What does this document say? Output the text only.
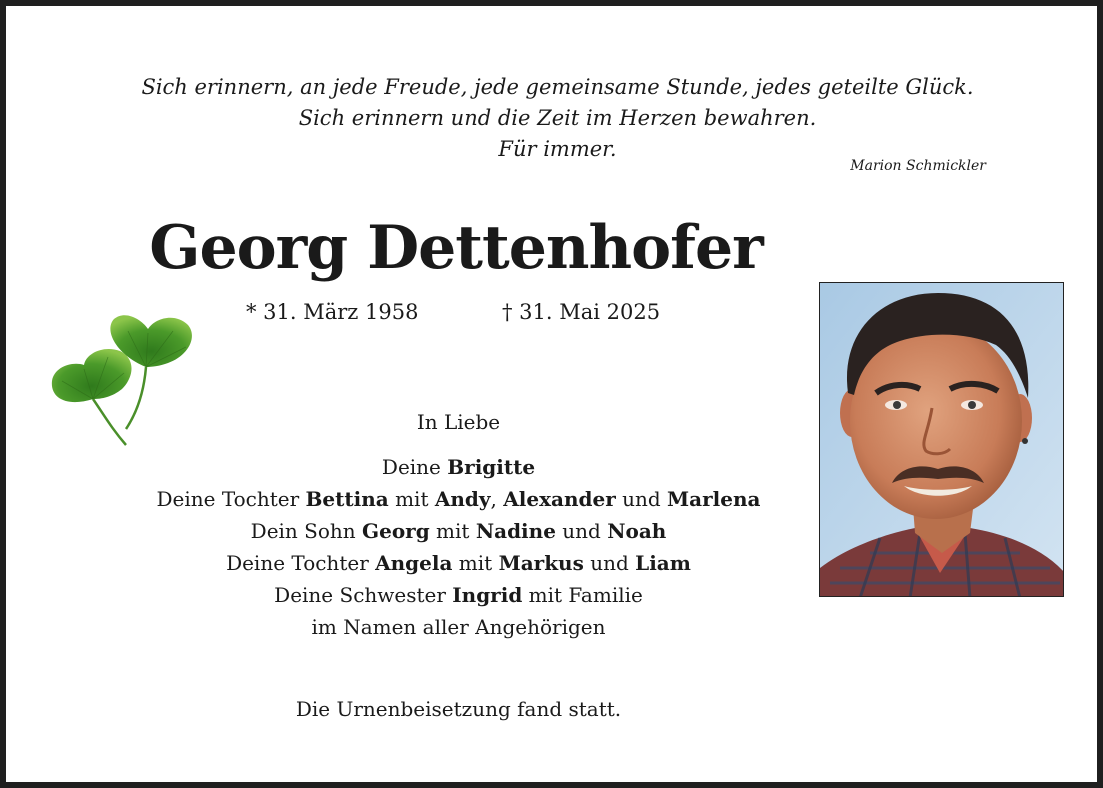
Sich erinnern, an jede Freude, jede gemeinsame Stunde, jedes geteilte Glück.
Sich erinnern und die Zeit im Herzen bewahren.
Für immer.
Marion Schmickler
Georg Dettenhofer
* 31. März 1958	† 31. Mai 2025
In Liebe
Deine Brigitte
Deine Tochter Bettina mit Andy, Alexander und Marlena
Dein Sohn Georg mit Nadine und Noah
Deine Tochter Angela mit Markus und Liam
Deine Schwester Ingrid mit Familie
im Namen aller Angehörigen
Die Urnenbeisetzung fand statt.
